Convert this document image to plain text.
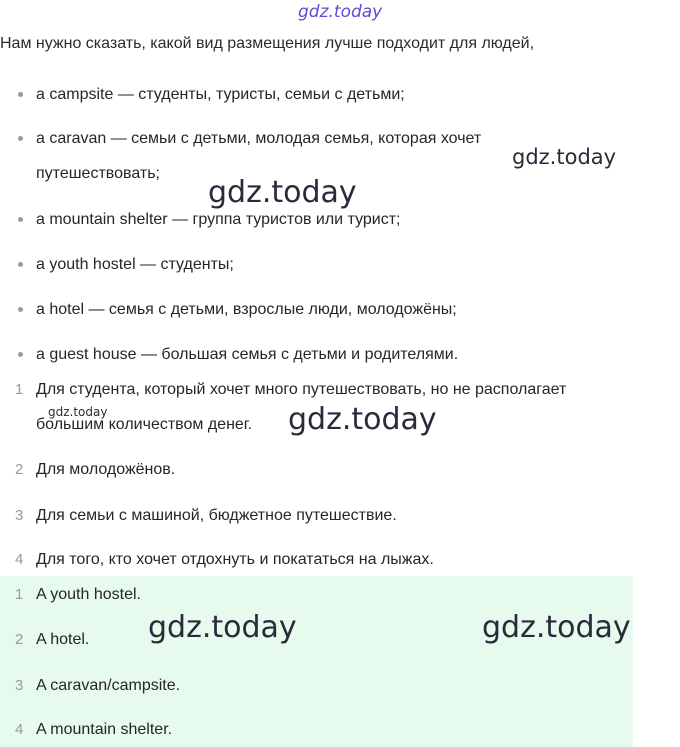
gdz.today
Нам нужно сказать, какой вид размещения лучше подходит для людей,
a campsite — студенты, туристы, семьи с детьми;
a caravan — семьи с детьми, молодая семья, которая хочет
путешествовать;
a mountain shelter — группа туристов или турист;
a youth hostel — студенты;
a hotel — семья с детьми, взрослые люди, молодожёны;
a guest house — большая семья с детьми и родителями.
1 Для студента, который хочет много путешествовать, но не располагает
большим количеством денег.
2 Для молодожёнов.
3 Для семьи с машиной, бюджетное путешествие.
4 Для того, кто хочет отдохнуть и покататься на лыжах.
1 A youth hostel.
2 A hotel.
3 A caravan/campsite.
4 A mountain shelter.
gdz.today
gdz.today
gdz.today	gdz.today
gdz.today	gdz.today
